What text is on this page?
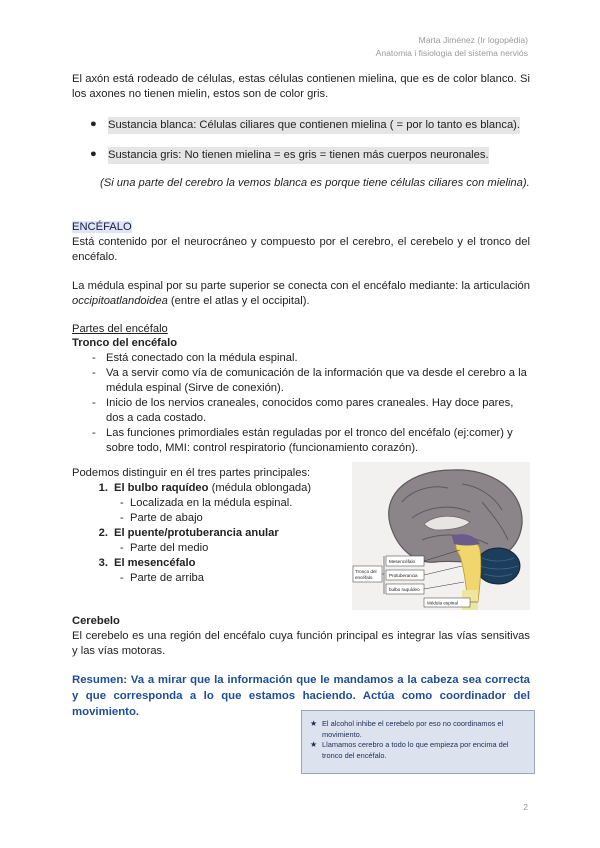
Marta Jiménez (Ir logopèdia)
Anatomia i fisiologia del sistema nerviós

El axón está rodeado de células, estas células contienen mielina, que es de color blanco. Si los axones no tienen mielin, estos son de color gris.

●	Sustancia blanca: Células ciliares que contienen mielina ( = por lo tanto es blanca).
●	Sustancia gris: No tienen mielina = es gris = tienen más cuerpos neuronales.

(Si una parte del cerebro la vemos blanca es porque tiene células ciliares con mielina).

ENCÉFALO

Está contenido por el neurocráneo y compuesto por el cerebro, el cerebelo y el tronco del encéfalo.

La médula espinal por su parte superior se conecta con el encéfalo mediante: la articulación occipitoatlandoidea (entre el atlas y el occipital).

Partes del encéfalo

Tronco del encéfalo

- Está conectado con la médula espinal.
- Va a servir como vía de comunicación de la información que va desde el cerebro a la médula espinal (Sirve de conexión).
- Inicio de los nervios craneales, conocidos como pares craneales. Hay doce pares, dos a cada costado.
- Las funciones primordiales están reguladas por el tronco del encéfalo (ej:comer) y sobre todo, MMI: control respiratorio (funcionamiento corazón).

Podemos distinguir en él tres partes principales:

1. El bulbo raquídeo (médula oblongada)
- Localizada en la médula espinal.
- Parte de abajo
2. El puente/protuberancia anular
- Parte del medio
3. El mesencéfalo
- Parte de arriba
Mesencéfalo
Protuberancia
bulbo raquídeo
Tronco del
encéfalo
Médula espinal

Cerebelo

El cerebelo es una región del encéfalo cuya función principal es integrar las vías sensitivas y las vías motoras.

Resumen: Va a mirar que la información que le mandamos a la cabeza sea correcta y que corresponda a lo que estamos haciendo. Actúa como coordinador del movimiento.

★ El alcohol inhibe el cerebelo por eso no coordinamos el movimiento.
★ Llamamos cerebro a todo lo que empieza por encima del tronco del encéfalo.
2
